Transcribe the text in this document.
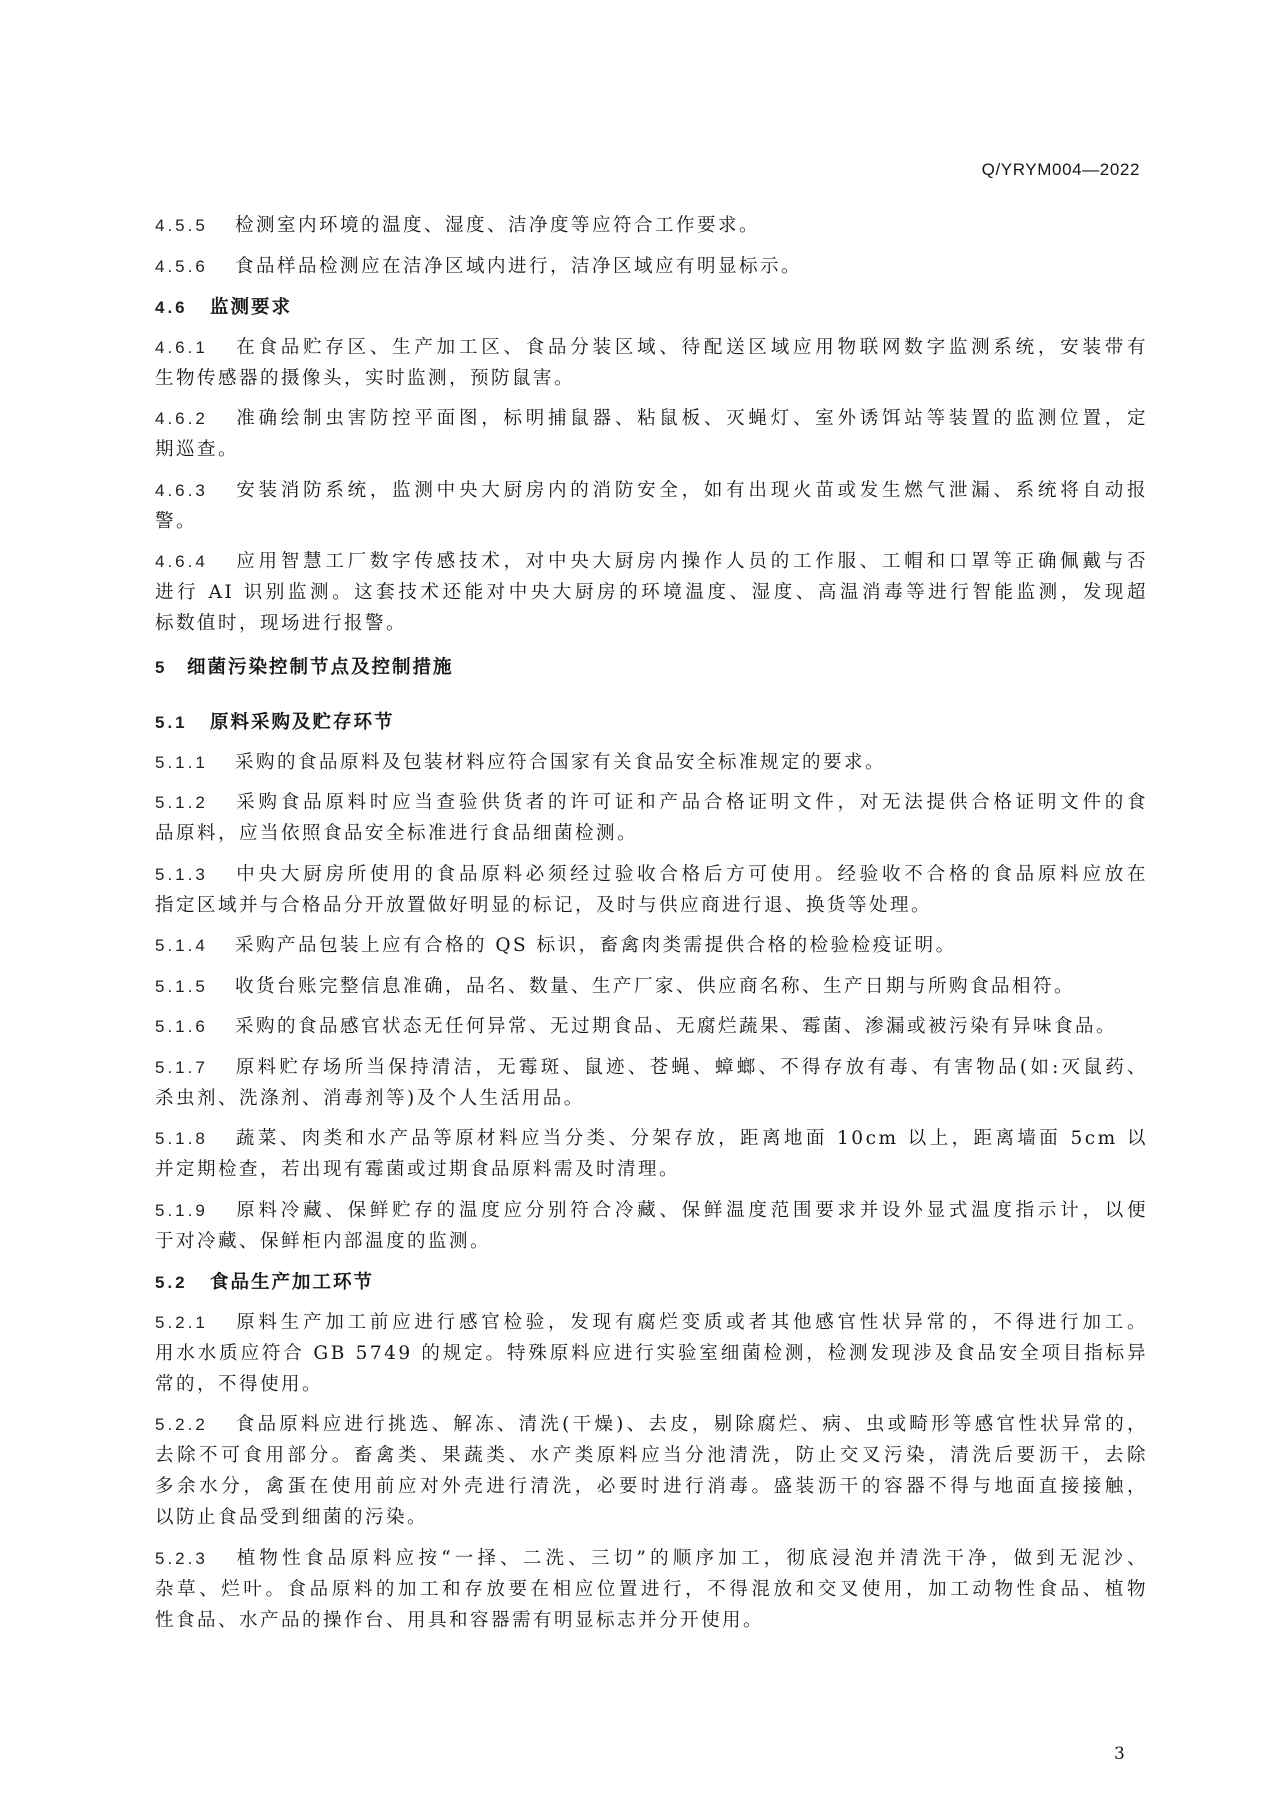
Q/YRYM004—2022
4.5.5 检测室内环境的温度、湿度、洁净度等应符合工作要求。
4.5.6 食品样品检测应在洁净区域内进行，洁净区域应有明显标示。
4.6 监测要求
4.6.1 在食品贮存区、生产加工区、食品分装区域、待配送区域应用物联网数字监测系统，安装带有
生物传感器的摄像头，实时监测，预防鼠害。
4.6.2 准确绘制虫害防控平面图，标明捕鼠器、粘鼠板、灭蝇灯、室外诱饵站等装置的监测位置，定
期巡查。
4.6.3 安装消防系统，监测中央大厨房内的消防安全，如有出现火苗或发生燃气泄漏、系统将自动报
警。
4.6.4 应用智慧工厂数字传感技术，对中央大厨房内操作人员的工作服、工帽和口罩等正确佩戴与否
进行 AI 识别监测。这套技术还能对中央大厨房的环境温度、湿度、高温消毒等进行智能监测，发现超
标数值时，现场进行报警。
5 细菌污染控制节点及控制措施
5.1 原料采购及贮存环节
5.1.1 采购的食品原料及包装材料应符合国家有关食品安全标准规定的要求。
5.1.2 采购食品原料时应当查验供货者的许可证和产品合格证明文件，对无法提供合格证明文件的食
品原料，应当依照食品安全标准进行食品细菌检测。
5.1.3 中央大厨房所使用的食品原料必须经过验收合格后方可使用。经验收不合格的食品原料应放在
指定区域并与合格品分开放置做好明显的标记，及时与供应商进行退、换货等处理。
5.1.4 采购产品包装上应有合格的 QS 标识，畜禽肉类需提供合格的检验检疫证明。
5.1.5 收货台账完整信息准确，品名、数量、生产厂家、供应商名称、生产日期与所购食品相符。
5.1.6 采购的食品感官状态无任何异常、无过期食品、无腐烂蔬果、霉菌、渗漏或被污染有异味食品。
5.1.7 原料贮存场所当保持清洁，无霉斑、鼠迹、苍蝇、蟑螂、不得存放有毒、有害物品(如:灭鼠药、
杀虫剂、洗涤剂、消毒剂等)及个人生活用品。
5.1.8 蔬菜、肉类和水产品等原材料应当分类、分架存放，距离地面 10cm 以上，距离墙面 5cm 以
并定期检查，若出现有霉菌或过期食品原料需及时清理。
5.1.9 原料冷藏、保鲜贮存的温度应分别符合冷藏、保鲜温度范围要求并设外显式温度指示计，以便
于对冷藏、保鲜柜内部温度的监测。
5.2 食品生产加工环节
5.2.1 原料生产加工前应进行感官检验，发现有腐烂变质或者其他感官性状异常的，不得进行加工。
用水水质应符合 GB 5749 的规定。特殊原料应进行实验室细菌检测，检测发现涉及食品安全项目指标异
常的，不得使用。
5.2.2 食品原料应进行挑选、解冻、清洗(干燥)、去皮，剔除腐烂、病、虫或畸形等感官性状异常的，
去除不可食用部分。畜禽类、果蔬类、水产类原料应当分池清洗，防止交叉污染，清洗后要沥干，去除
多余水分，禽蛋在使用前应对外壳进行清洗，必要时进行消毒。盛装沥干的容器不得与地面直接接触，
以防止食品受到细菌的污染。
5.2.3 植物性食品原料应按“一择、二洗、三切”的顺序加工，彻底浸泡并清洗干净，做到无泥沙、
杂草、烂叶。食品原料的加工和存放要在相应位置进行，不得混放和交叉使用，加工动物性食品、植物
性食品、水产品的操作台、用具和容器需有明显标志并分开使用。
3
